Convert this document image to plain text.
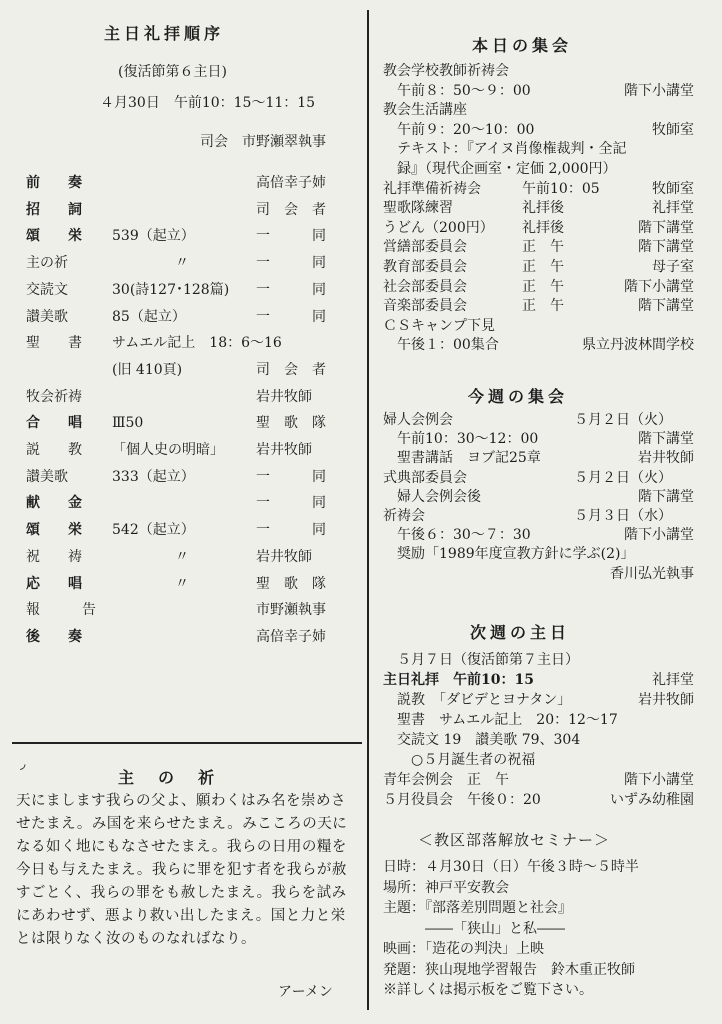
主日礼拝順序
(復活節第６主日)
４月30日　午前10：15～11：15
司会　市野瀬翠執事
前　　奏	高倍幸子姉
招　　詞	司　会　者
頌　　栄 539（起立）	一　　　同
主の祈	〃	一　　　同
交読文	30(詩127･128篇) 一　　　同
讃美歌	85（起立）	一　　　同
聖　　書 サムエル記上　18：6～16
(旧 410頁)	司　会　者
牧会祈祷	岩井牧師
合　　唱 Ⅲ50	聖　歌　隊
説　　教 「個人史の明暗」 岩井牧師
讃美歌	333（起立）	一　　　同
献　　金	一　　　同
頌　　栄 542（起立）	一　　　同
祝　　祷	〃	岩井牧師
応　　唱	〃	聖　歌　隊
報　　　告	市野瀬執事
後　　奏	高倍幸子姉
◞
主　の　祈
天にまします我らの父よ、願わくはみ名を崇めさせたまえ。み国を来らせたまえ。みこころの天になる如く地にもなさせたまえ。我らの日用の糧を今日も与えたまえ。我らに罪を犯す者を我らが赦すごとく、我らの罪をも赦したまえ。我らを試みにあわせず、悪より救い出したまえ。国と力と栄とは限りなく汝のものなればなり。
アーメン
本日の集会
教会学校教師祈祷会
　午前８：50～９：00	階下小講堂
教会生活講座
　午前９：20～10：00	牧師室
　テキスト：『アイヌ肖像権裁判・全記
　録』（現代企画室・定価 2,000円）
礼拝準備祈祷会	午前10：05	牧師室
聖歌隊練習	礼拝後	礼拝堂
うどん（200円） 礼拝後	階下講堂
営繕部委員会	正　午	階下講堂
教育部委員会	正　午	母子室
社会部委員会	正　午	階下小講堂
音楽部委員会	正　午	階下講堂
ＣＳキャンプ下見
　午後１：00集合	県立丹波林間学校
今週の集会
婦人会例会	５月２日（火）
　午前10：30～12：00	階下講堂
　聖書講話　ヨブ記25章	岩井牧師
式典部委員会	５月２日（火）
　婦人会例会後	階下講堂
祈祷会	５月３日（水）
　午後６：30～７：30	階下小講堂
　奨励「1989年度宣教方針に学ぶ(2)」
香川弘光執事
次週の主日
　５月７日（復活節第７主日）
主日礼拝　午前10：15	礼拝堂
　説教　「ダビデとヨナタン」	岩井牧師
　聖書　サムエル記上　20：12～17
　交読文 19　讃美歌 79、304
　　○５月誕生者の祝福
青年会例会　正　午	階下小講堂
５月役員会　午後０：20	いずみ幼稚園
＜教区部落解放セミナー＞
日時：４月30日（日）午後３時～５時半
場所：神戸平安教会
主題：『部落差別問題と社会』
　　　――「狭山」と私――
映画：「造花の判決」上映
発題：狭山現地学習報告　鈴木重正牧師
※詳しくは掲示板をご覧下さい。
